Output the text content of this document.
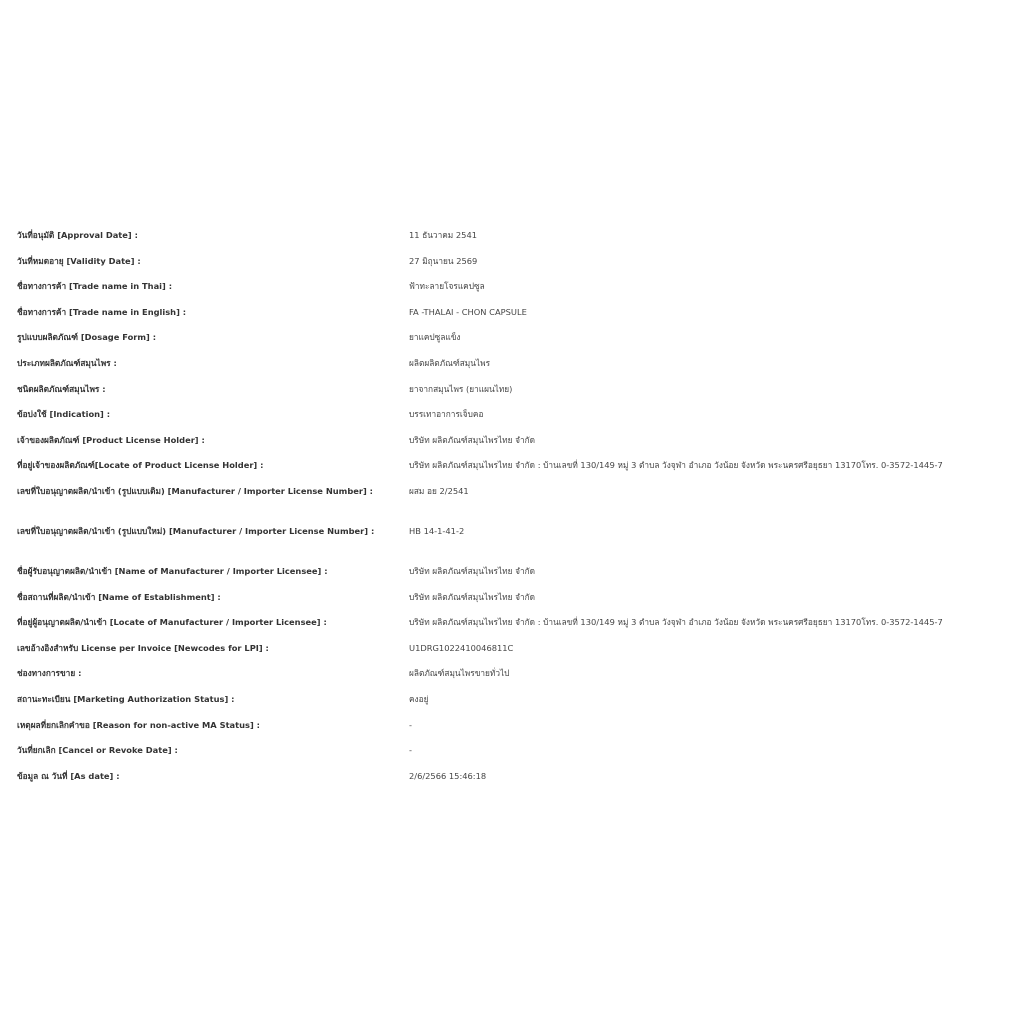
วันที่อนุมัติ [Approval Date] :	11 ธันวาคม 2541
วันที่หมดอายุ [Validity Date] :	27 มิถุนายน 2569
ชื่อทางการค้า [Trade name in Thai] :	ฟ้าทะลายโจรแคปซูล
ชื่อทางการค้า [Trade name in English] :	FA -THALAI - CHON CAPSULE
รูปแบบผลิตภัณฑ์ [Dosage Form] :	ยาแคปซูลแข็ง
ประเภทผลิตภัณฑ์สมุนไพร :	ผลิตผลิตภัณฑ์สมุนไพร
ชนิดผลิตภัณฑ์สมุนไพร :	ยาจากสมุนไพร (ยาแผนไทย)
ข้อบ่งใช้ [Indication] :	บรรเทาอาการเจ็บคอ
เจ้าของผลิตภัณฑ์ [Product License Holder] :	บริษัท ผลิตภัณฑ์สมุนไพรไทย จำกัด
ที่อยู่เจ้าของผลิตภัณฑ์[Locate of Product License Holder] :	บริษัท ผลิตภัณฑ์สมุนไพรไทย จำกัด : บ้านเลขที่ 130/149 หมู่ 3 ตำบล วังจุฬา อำเภอ วังน้อย จังหวัด พระนครศรีอยุธยา 13170โทร. 0-3572-1445-7
เลขที่ใบอนุญาตผลิต/นำเข้า (รูปแบบเดิม) [Manufacturer / Importer License Number] :	ผสม อย 2/2541
เลขที่ใบอนุญาตผลิต/นำเข้า (รูปแบบใหม่) [Manufacturer / Importer License Number] :	HB 14-1-41-2
ชื่อผู้รับอนุญาตผลิต/นำเข้า [Name of Manufacturer / Importer Licensee] :	บริษัท ผลิตภัณฑ์สมุนไพรไทย จำกัด
ชื่อสถานที่ผลิต/นำเข้า [Name of Establishment] :	บริษัท ผลิตภัณฑ์สมุนไพรไทย จำกัด
ที่อยู่ผู้อนุญาตผลิต/นำเข้า [Locate of Manufacturer / Importer Licensee] :	บริษัท ผลิตภัณฑ์สมุนไพรไทย จำกัด : บ้านเลขที่ 130/149 หมู่ 3 ตำบล วังจุฬา อำเภอ วังน้อย จังหวัด พระนครศรีอยุธยา 13170โทร. 0-3572-1445-7
เลขอ้างอิงสำหรับ License per Invoice [Newcodes for LPI] :	U1DRG1022410046811C
ช่องทางการขาย :	ผลิตภัณฑ์สมุนไพรขายทั่วไป
สถานะทะเบียน [Marketing Authorization Status] :	คงอยู่
เหตุผลที่ยกเลิกคำขอ [Reason for non-active MA Status] :	-
วันที่ยกเลิก [Cancel or Revoke Date] :	-
ข้อมูล ณ วันที่ [As date] :	2/6/2566 15:46:18
